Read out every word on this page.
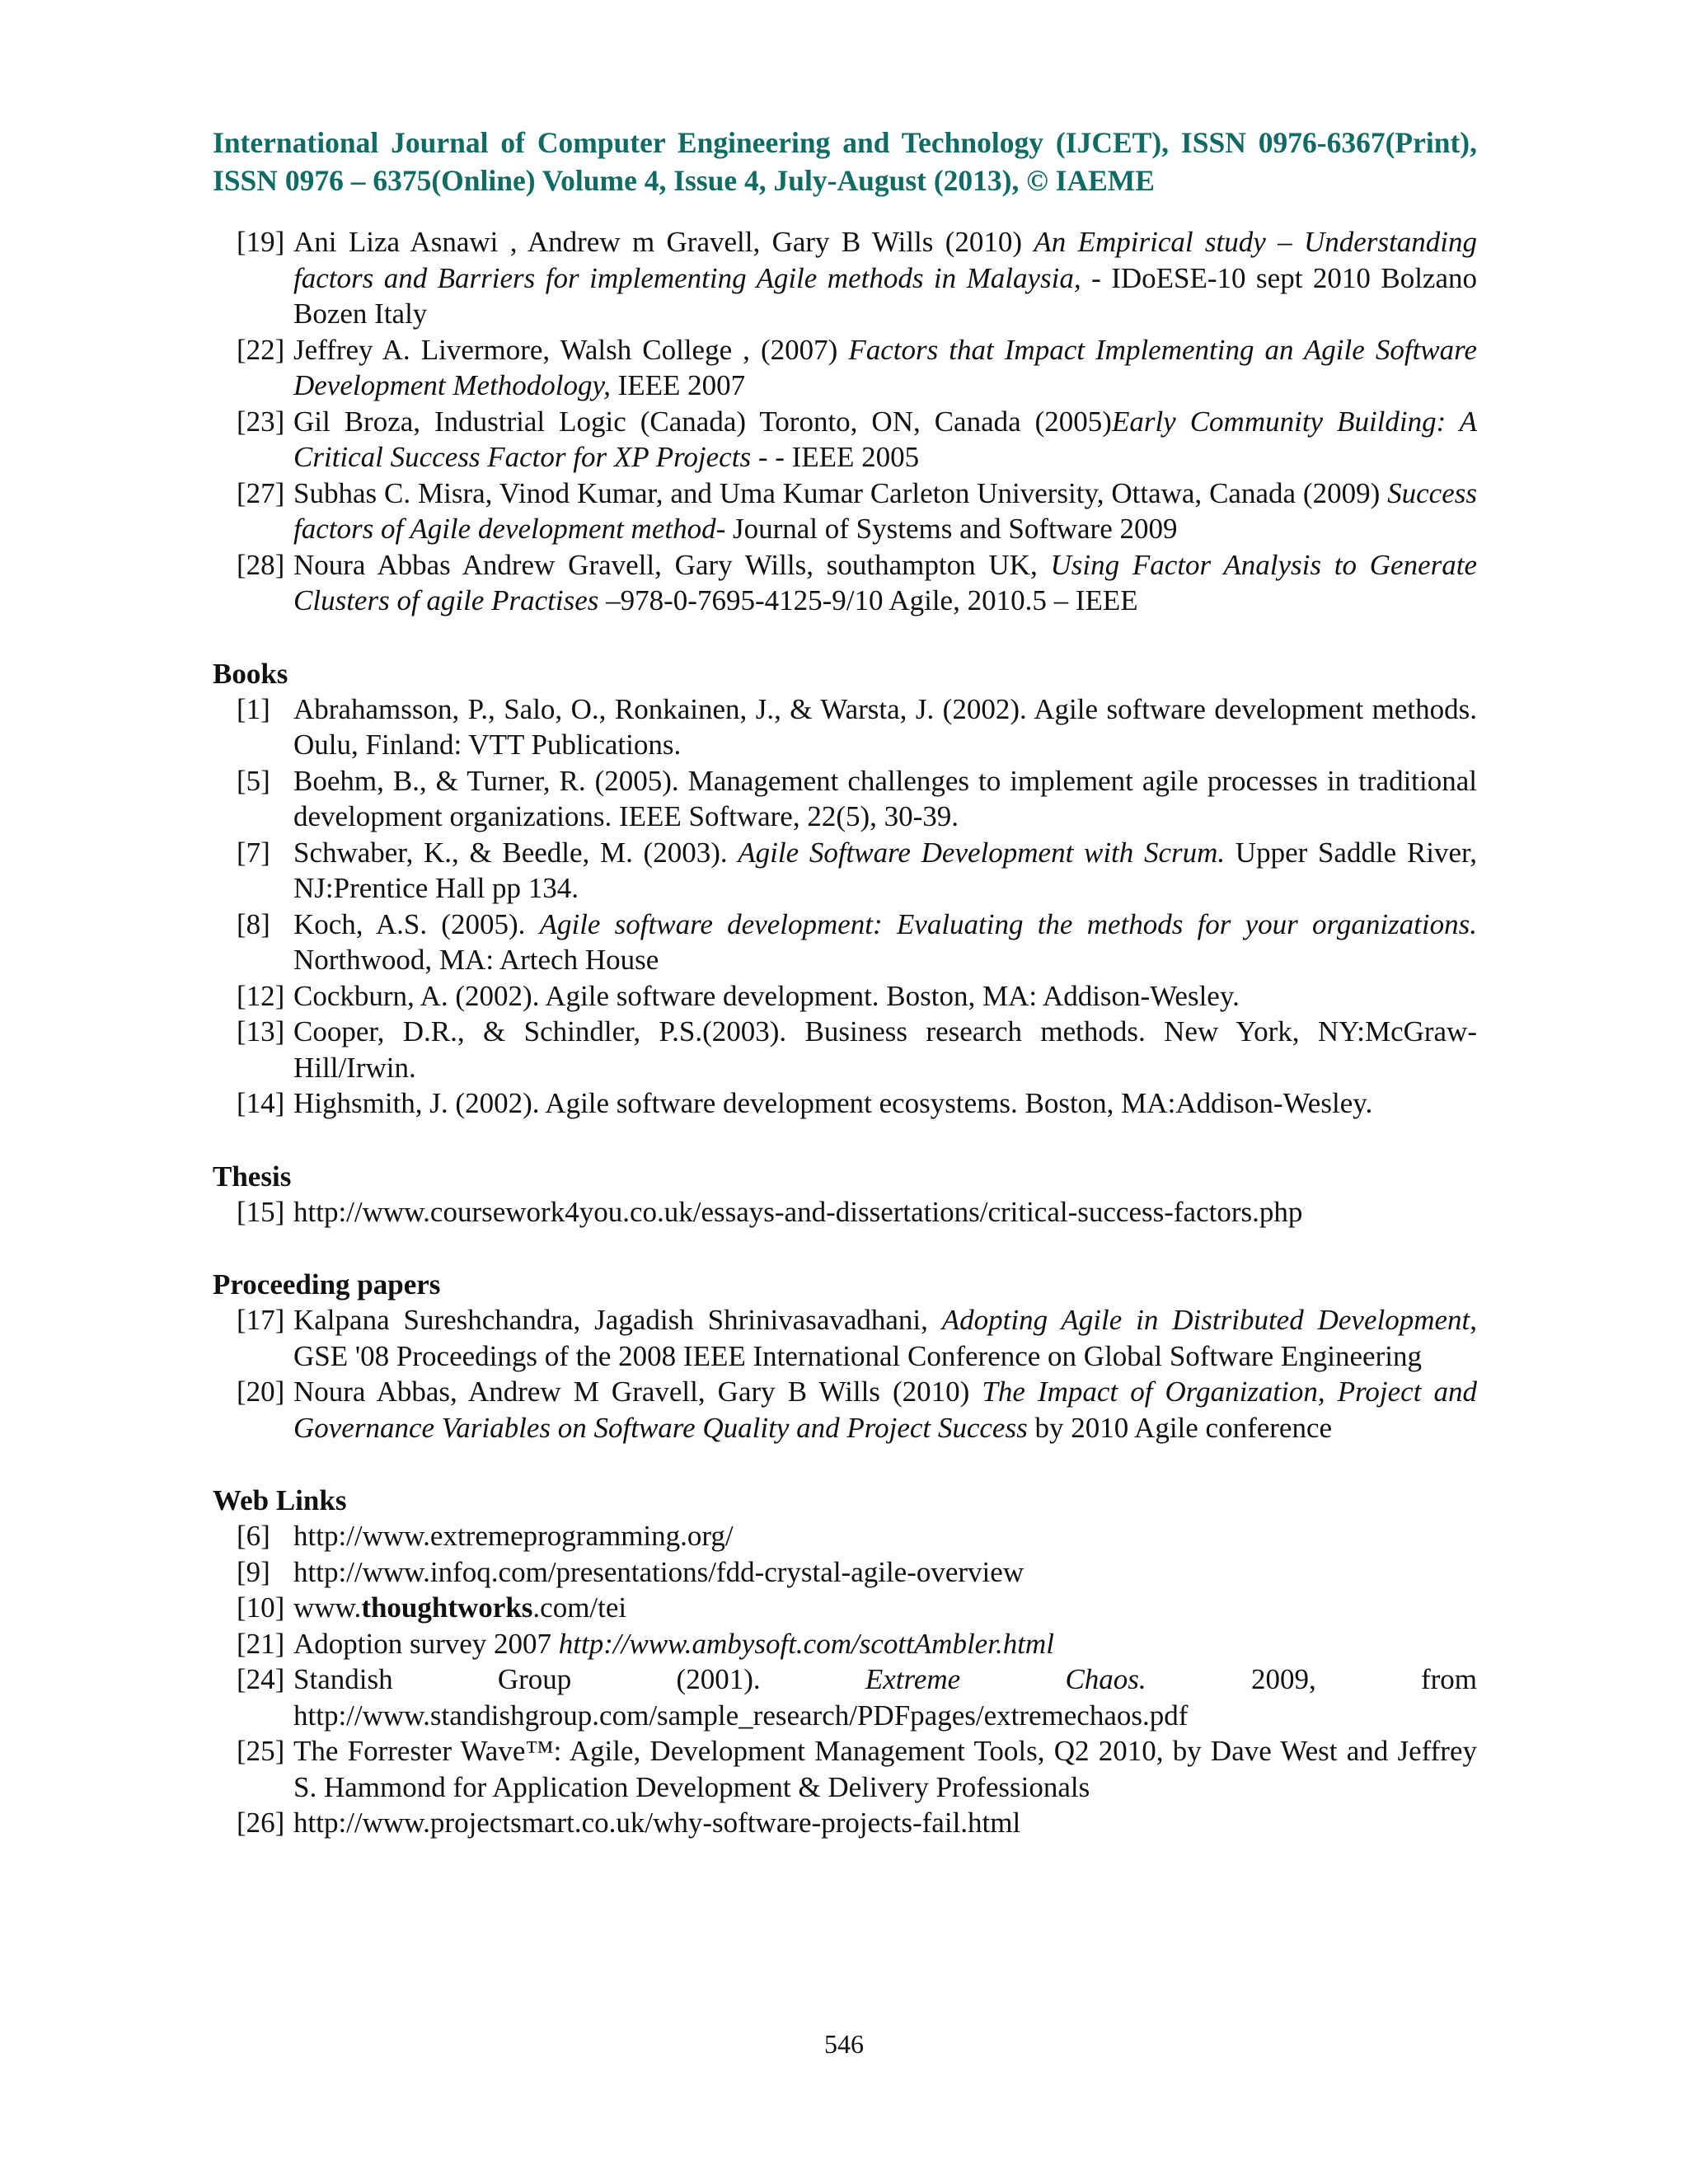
International Journal of Computer Engineering and Technology (IJCET), ISSN 0976-6367(Print), ISSN 0976 – 6375(Online) Volume 4, Issue 4, July-August (2013), © IAEME
[19] Ani Liza Asnawi , Andrew m Gravell, Gary B Wills (2010) An Empirical study – Understanding factors and Barriers for implementing Agile methods in Malaysia, - IDoESE-10 sept 2010 Bolzano Bozen Italy
[22] Jeffrey A. Livermore, Walsh College , (2007) Factors that Impact Implementing an Agile Software Development Methodology, IEEE 2007
[23] Gil Broza, Industrial Logic (Canada) Toronto, ON, Canada (2005)Early Community Building: A Critical Success Factor for XP Projects - - IEEE 2005
[27] Subhas C. Misra, Vinod Kumar, and Uma Kumar Carleton University, Ottawa, Canada (2009) Success factors of Agile development method- Journal of Systems and Software 2009
[28] Noura Abbas Andrew Gravell, Gary Wills, southampton UK, Using Factor Analysis to Generate Clusters of agile Practises –978-0-7695-4125-9/10 Agile, 2010.5 – IEEE
Books
[1] Abrahamsson, P., Salo, O., Ronkainen, J., & Warsta, J. (2002). Agile software development methods. Oulu, Finland: VTT Publications.
[5] Boehm, B., & Turner, R. (2005). Management challenges to implement agile processes in traditional development organizations. IEEE Software, 22(5), 30-39.
[7] Schwaber, K., & Beedle, M. (2003). Agile Software Development with Scrum. Upper Saddle River, NJ:Prentice Hall pp 134.
[8] Koch, A.S. (2005). Agile software development: Evaluating the methods for your organizations. Northwood, MA: Artech House
[12] Cockburn, A. (2002). Agile software development. Boston, MA: Addison-Wesley.
[13] Cooper, D.R., & Schindler, P.S.(2003). Business research methods. New York, NY:McGraw-Hill/Irwin.
[14] Highsmith, J. (2002). Agile software development ecosystems. Boston, MA:Addison-Wesley.
Thesis
[15] http://www.coursework4you.co.uk/essays-and-dissertations/critical-success-factors.php
Proceeding papers
[17] Kalpana Sureshchandra, Jagadish Shrinivasavadhani, Adopting Agile in Distributed Development, GSE '08 Proceedings of the 2008 IEEE International Conference on Global Software Engineering
[20] Noura Abbas, Andrew M Gravell, Gary B Wills (2010) The Impact of Organization, Project and Governance Variables on Software Quality and Project Success by 2010 Agile conference
Web Links
[6] http://www.extremeprogramming.org/
[9] http://www.infoq.com/presentations/fdd-crystal-agile-overview
[10] www.thoughtworks.com/tei
[21] Adoption survey 2007 http://www.ambysoft.com/scottAmbler.html
[24] Standish Group (2001). Extreme Chaos. 2009, from http://www.standishgroup.com/sample_research/PDFpages/extremechaos.pdf
[25] The Forrester Wave™: Agile, Development Management Tools, Q2 2010, by Dave West and Jeffrey S. Hammond for Application Development & Delivery Professionals
[26] http://www.projectsmart.co.uk/why-software-projects-fail.html
546
